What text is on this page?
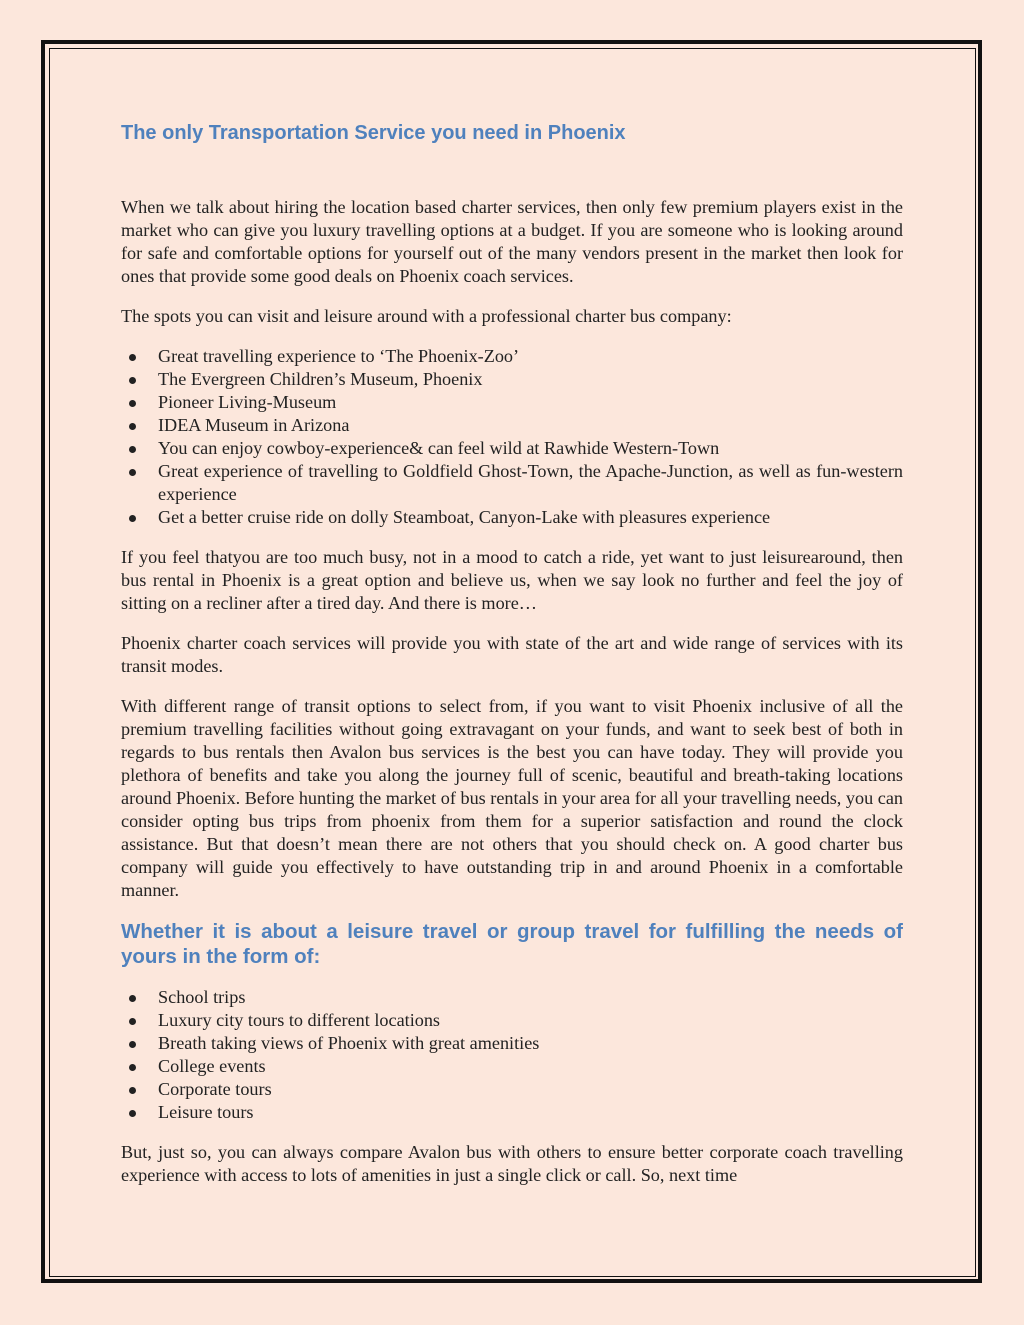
The only Transportation Service you need in Phoenix

When we talk about hiring the location based charter services, then only few premium players exist in the market who can give you luxury travelling options at a budget. If you are someone who is looking around for safe and comfortable options for yourself out of the many vendors present in the market then look for ones that provide some good deals on Phoenix coach services.

The spots you can visit and leisure around with a professional charter bus company:

Great travelling experience to ‘The Phoenix-Zoo’
The Evergreen Children’s Museum, Phoenix
Pioneer Living-Museum
IDEA Museum in Arizona
You can enjoy cowboy-experience& can feel wild at Rawhide Western-Town
Great experience of travelling to Goldfield Ghost-Town, the Apache-Junction, as well as fun-western experience
Get a better cruise ride on dolly Steamboat, Canyon-Lake with pleasures experience

If you feel thatyou are too much busy, not in a mood to catch a ride, yet want to just leisurearound, then bus rental in Phoenix is a great option and believe us, when we say look no further and feel the joy of sitting on a recliner after a tired day. And there is more…

Phoenix charter coach services will provide you with state of the art and wide range of services with its transit modes.

With different range of transit options to select from, if you want to visit Phoenix inclusive of all the premium travelling facilities without going extravagant on your funds, and want to seek best of both in regards to bus rentals then Avalon bus services is the best you can have today. They will provide you plethora of benefits and take you along the journey full of scenic, beautiful and breath-taking locations around Phoenix. Before hunting the market of bus rentals in your area for all your travelling needs, you can consider opting bus trips from phoenix from them for a superior satisfaction and round the clock assistance. But that doesn’t mean there are not others that you should check on. A good charter bus company will guide you effectively to have outstanding trip in and around Phoenix in a comfortable manner.

Whether it is about a leisure travel or group travel for fulfilling the needs of yours in the form of:
School trips
Luxury city tours to different locations
Breath taking views of Phoenix with great amenities
College events
Corporate tours
Leisure tours

But, just so, you can always compare Avalon bus with others to ensure better corporate coach travelling experience with access to lots of amenities in just a single click or call. So, next time
